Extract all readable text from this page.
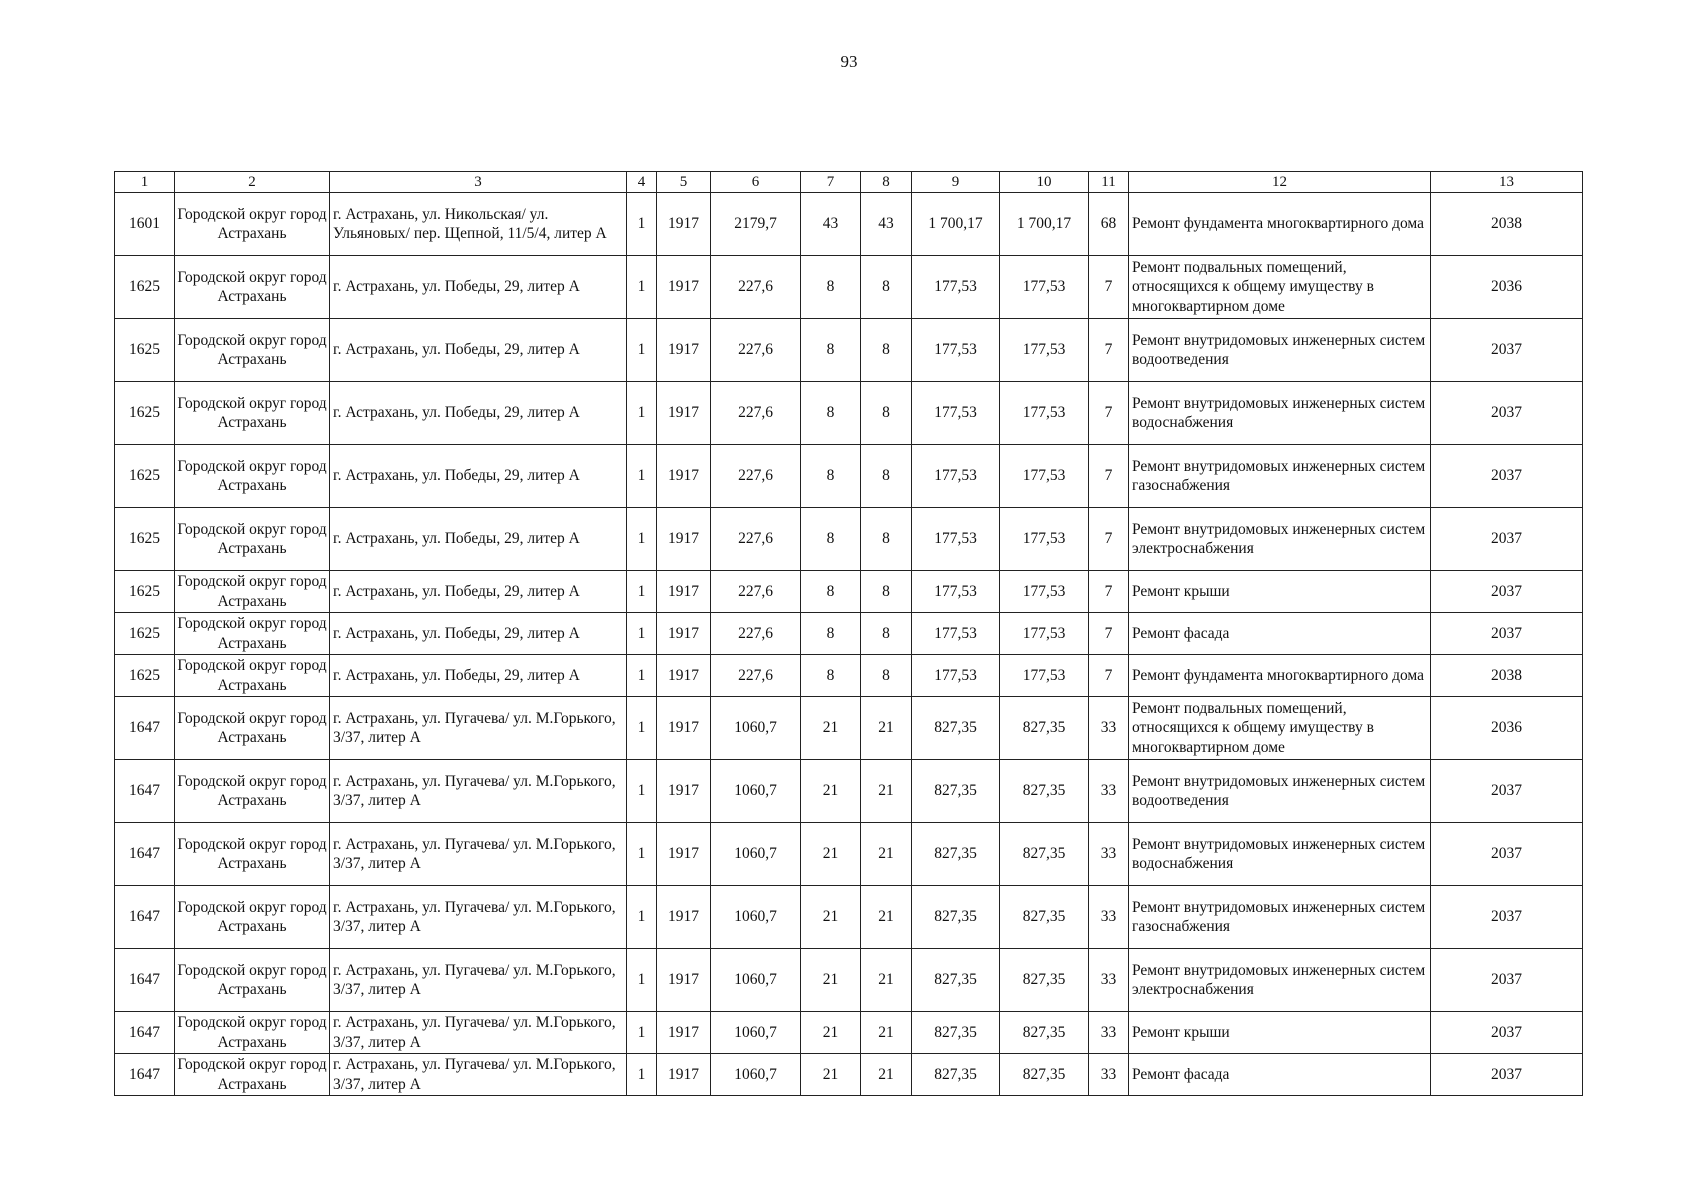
93
1	2	3	4	5	6	7	8	9	10	11	12	13
1601	Городской округ город Астрахань	г. Астрахань, ул. Никольская/ ул. Ульяновых/ пер. Щепной, 11/5/4, литер А	1	1917	2179,7	43	43	1 700,17	1 700,17	68	Ремонт фундамента многоквартирного дома	2038
1625	Городской округ город Астрахань	г. Астрахань, ул. Победы, 29, литер А	1	1917	227,6	8	8	177,53	177,53	7	Ремонт подвальных помещений, относящихся к общему имуществу в многоквартирном доме	2036
1625	Городской округ город Астрахань	г. Астрахань, ул. Победы, 29, литер А	1	1917	227,6	8	8	177,53	177,53	7	Ремонт внутридомовых инженерных систем водоотведения	2037
1625	Городской округ город Астрахань	г. Астрахань, ул. Победы, 29, литер А	1	1917	227,6	8	8	177,53	177,53	7	Ремонт внутридомовых инженерных систем водоснабжения	2037
1625	Городской округ город Астрахань	г. Астрахань, ул. Победы, 29, литер А	1	1917	227,6	8	8	177,53	177,53	7	Ремонт внутридомовых инженерных систем газоснабжения	2037
1625	Городской округ город Астрахань	г. Астрахань, ул. Победы, 29, литер А	1	1917	227,6	8	8	177,53	177,53	7	Ремонт внутридомовых инженерных систем электроснабжения	2037
1625	Городской округ город Астрахань	г. Астрахань, ул. Победы, 29, литер А	1	1917	227,6	8	8	177,53	177,53	7	Ремонт крыши	2037
1625	Городской округ город Астрахань	г. Астрахань, ул. Победы, 29, литер А	1	1917	227,6	8	8	177,53	177,53	7	Ремонт фасада	2037
1625	Городской округ город Астрахань	г. Астрахань, ул. Победы, 29, литер А	1	1917	227,6	8	8	177,53	177,53	7	Ремонт фундамента многоквартирного дома	2038
1647	Городской округ город Астрахань	г. Астрахань, ул. Пугачева/ ул. М.Горького, 3/37, литер А	1	1917	1060,7	21	21	827,35	827,35	33	Ремонт подвальных помещений, относящихся к общему имуществу в многоквартирном доме	2036
1647	Городской округ город Астрахань	г. Астрахань, ул. Пугачева/ ул. М.Горького, 3/37, литер А	1	1917	1060,7	21	21	827,35	827,35	33	Ремонт внутридомовых инженерных систем водоотведения	2037
1647	Городской округ город Астрахань	г. Астрахань, ул. Пугачева/ ул. М.Горького, 3/37, литер А	1	1917	1060,7	21	21	827,35	827,35	33	Ремонт внутридомовых инженерных систем водоснабжения	2037
1647	Городской округ город Астрахань	г. Астрахань, ул. Пугачева/ ул. М.Горького, 3/37, литер А	1	1917	1060,7	21	21	827,35	827,35	33	Ремонт внутридомовых инженерных систем газоснабжения	2037
1647	Городской округ город Астрахань	г. Астрахань, ул. Пугачева/ ул. М.Горького, 3/37, литер А	1	1917	1060,7	21	21	827,35	827,35	33	Ремонт внутридомовых инженерных систем электроснабжения	2037
1647	Городской округ город Астрахань	г. Астрахань, ул. Пугачева/ ул. М.Горького, 3/37, литер А	1	1917	1060,7	21	21	827,35	827,35	33	Ремонт крыши	2037
1647	Городской округ город Астрахань	г. Астрахань, ул. Пугачева/ ул. М.Горького, 3/37, литер А	1	1917	1060,7	21	21	827,35	827,35	33	Ремонт фасада	2037
